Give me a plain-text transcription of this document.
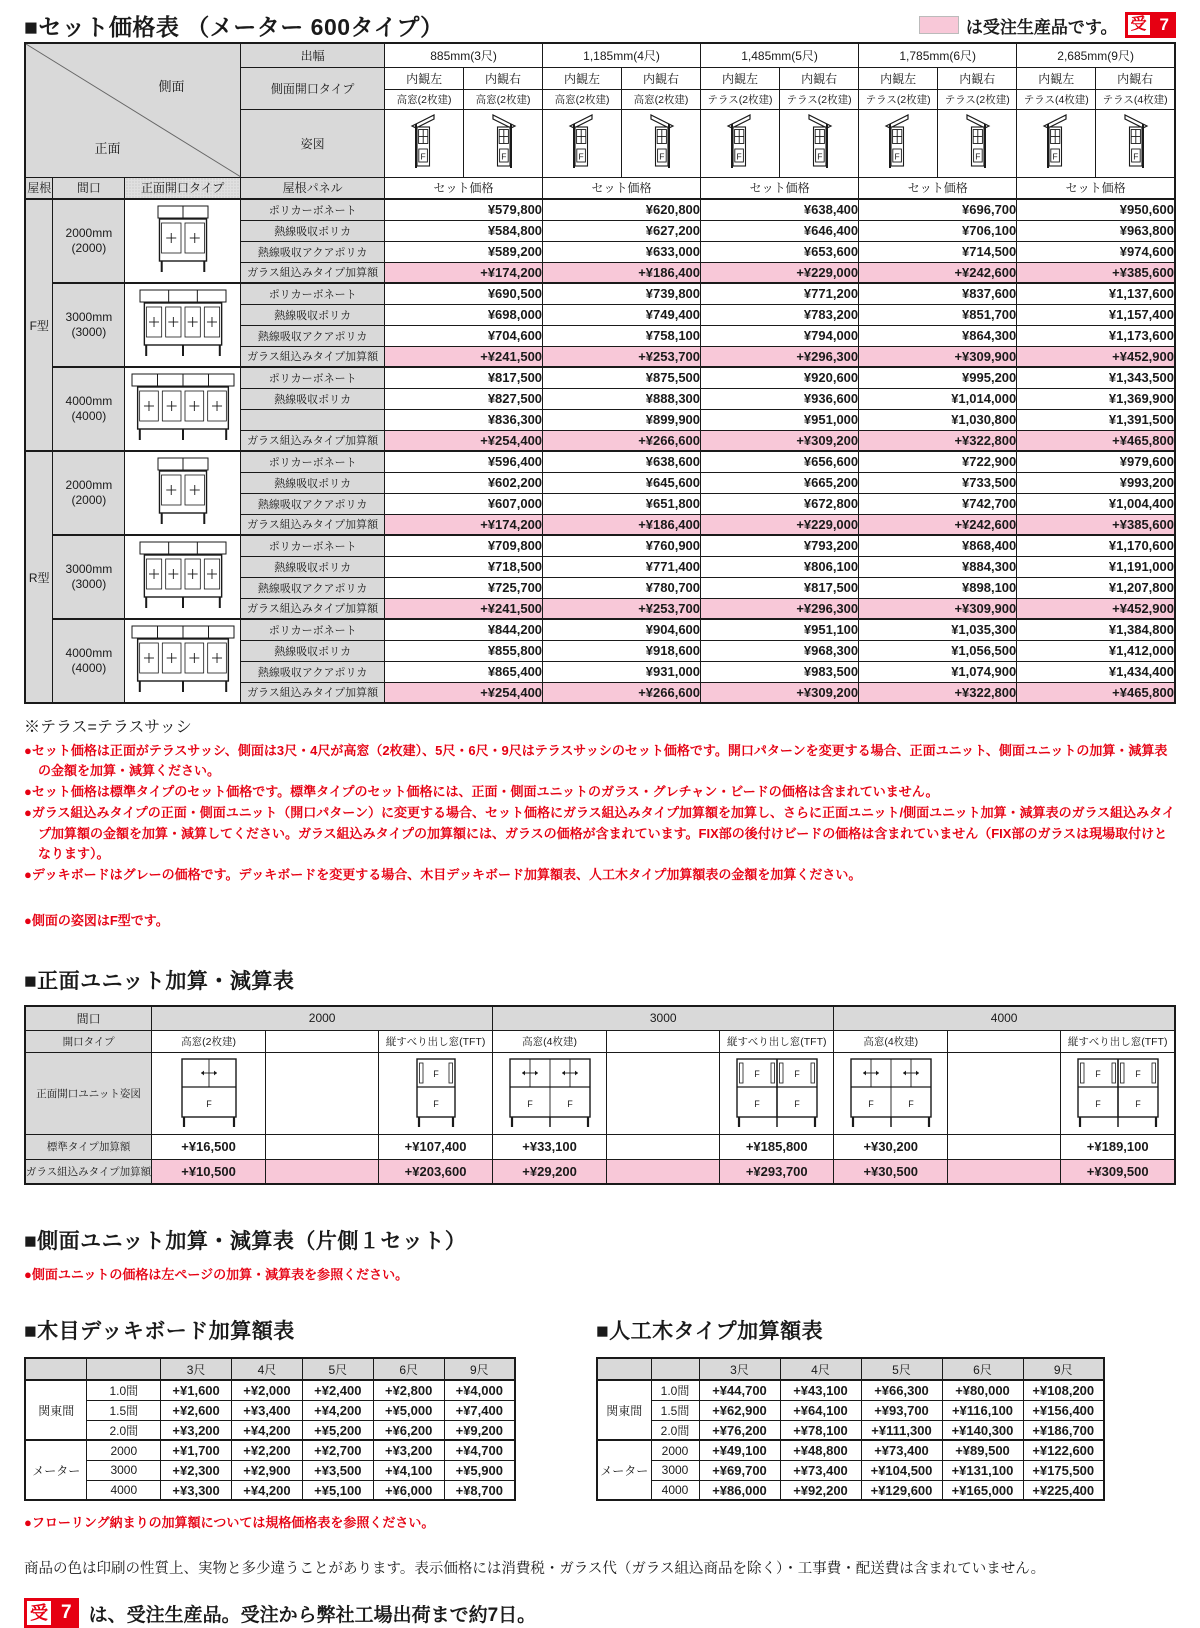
■セット価格表 （メーター 600タイプ）	は受注生産品です。 受 7
側面
正面			出幅	885mm(3尺)		1,185mm(4尺)		1,485mm(5尺)		1,785mm(6尺)		2,685mm(9尺)	
			側面開口タイプ	内観左	内観右	内観左	内観右	内観左	内観右	内観左	内観右	内観左	内観右
				高窓(2枚建)	高窓(2枚建)	高窓(2枚建)	高窓(2枚建)	テラス(2枚建)	テラス(2枚建)	テラス(2枚建)	テラス(2枚建)	テラス(4枚建)	テラス(4枚建)
			姿図	F	F	F	F	F	F	F	F	F	F

屋根	間口	正面開口タイプ	屋根パネル	セット価格		セット価格		セット価格		セット価格		セット価格	
F型	2000mm
(2000)		ポリカーボネート	¥579,800		¥620,800		¥638,400		¥696,700		¥950,600	
			熱線吸収ポリカ	¥584,800		¥627,200		¥646,400		¥706,100		¥963,800	
			熱線吸収アクアポリカ	¥589,200		¥633,000		¥653,600		¥714,500		¥974,600	
			ガラス組込みタイプ加算額	+¥174,200		+¥186,400		+¥229,000		+¥242,600		+¥385,600	
	3000mm
(3000)		ポリカーボネート	¥690,500		¥739,800		¥771,200		¥837,600		¥1,137,600	
			熱線吸収ポリカ	¥698,000		¥749,400		¥783,200		¥851,700		¥1,157,400	
			熱線吸収アクアポリカ	¥704,600		¥758,100		¥794,000		¥864,300		¥1,173,600	
			ガラス組込みタイプ加算額	+¥241,500		+¥253,700		+¥296,300		+¥309,900		+¥452,900	
	4000mm
(4000)		ポリカーボネート	¥817,500		¥875,500		¥920,600		¥995,200		¥1,343,500	
			熱線吸収ポリカ	¥827,500		¥888,300		¥936,600		¥1,014,000		¥1,369,900	
				¥836,300		¥899,900		¥951,000		¥1,030,800		¥1,391,500	
			ガラス組込みタイプ加算額	+¥254,400		+¥266,600		+¥309,200		+¥322,800		+¥465,800	
R型	2000mm
(2000)		ポリカーボネート	¥596,400		¥638,600		¥656,600		¥722,900		¥979,600	
			熱線吸収ポリカ	¥602,200		¥645,600		¥665,200		¥733,500		¥993,200	
			熱線吸収アクアポリカ	¥607,000		¥651,800		¥672,800		¥742,700		¥1,004,400	
			ガラス組込みタイプ加算額	+¥174,200		+¥186,400		+¥229,000		+¥242,600		+¥385,600	
	3000mm
(3000)		ポリカーボネート	¥709,800		¥760,900		¥793,200		¥868,400		¥1,170,600	
			熱線吸収ポリカ	¥718,500		¥771,400		¥806,100		¥884,300		¥1,191,000	
			熱線吸収アクアポリカ	¥725,700		¥780,700		¥817,500		¥898,100		¥1,207,800	
			ガラス組込みタイプ加算額	+¥241,500		+¥253,700		+¥296,300		+¥309,900		+¥452,900	
	4000mm
(4000)		ポリカーボネート	¥844,200		¥904,600		¥951,100		¥1,035,300		¥1,384,800	
			熱線吸収ポリカ	¥855,800		¥918,600		¥968,300		¥1,056,500		¥1,412,000	
			熱線吸収アクアポリカ	¥865,400		¥931,000		¥983,500		¥1,074,900		¥1,434,400	
			ガラス組込みタイプ加算額	+¥254,400		+¥266,600		+¥309,200		+¥322,800		+¥465,800	
※テラス=テラスサッシ
●セット価格は正面がテラスサッシ、側面は3尺・4尺が高窓（2枚建）、5尺・6尺・9尺はテラスサッシのセット価格です。開口パターンを変更する場合、正面ユニット、側面ユニットの加算・減算表の金額を加算・減算ください。
●セット価格は標準タイプのセット価格です。標準タイプのセット価格には、正面・側面ユニットのガラス・グレチャン・ビードの価格は含まれていません。
●ガラス組込みタイプの正面・側面ユニット（開口パターン）に変更する場合、セット価格にガラス組込みタイプ加算額を加算し、さらに正面ユニット/側面ユニット加算・減算表のガラス組込みタイプ加算額の金額を加算・減算してください。ガラス組込みタイプの加算額には、ガラスの価格が含まれています。FIX部の後付けビードの価格は含まれていません（FIX部のガラスは現場取付けとなります）。
●デッキボードはグレーの価格です。デッキボードを変更する場合、木目デッキボード加算額表、人工木タイプ加算額表の金額を加算ください。
●側面の姿図はF型です。
■正面ユニット加算・減算表
間口	2000			3000			4000		
開口タイプ	高窓(2枚建)		縦すべり出し窓(TFT)	高窓(4枚建)		縦すべり出し窓(TFT)	高窓(4枚建)		縦すべり出し窓(TFT)
正面開口ユニット姿図	F		F
F	F F		F F
F F	F F		F F
F F

標準タイプ加算額	+¥16,500		+¥107,400	+¥33,100		+¥185,800	+¥30,200		+¥189,100
ガラス組込みタイプ加算額	+¥10,500		+¥203,600	+¥29,200		+¥293,700	+¥30,500		+¥309,500
■側面ユニット加算・減算表（片側１セット）
●側面ユニットの価格は左ページの加算・減算表を参照ください。
■木目デッキボード加算額表
		3尺	4尺	5尺	6尺	9尺
関東間	1.0間	+¥1,600	+¥2,000	+¥2,400	+¥2,800	+¥4,000
	1.5間	+¥2,600	+¥3,400	+¥4,200	+¥5,000	+¥7,400
	2.0間	+¥3,200	+¥4,200	+¥5,200	+¥6,200	+¥9,200
メーター	2000	+¥1,700	+¥2,200	+¥2,700	+¥3,200	+¥4,700
	3000	+¥2,300	+¥2,900	+¥3,500	+¥4,100	+¥5,900
	4000	+¥3,300	+¥4,200	+¥5,100	+¥6,000	+¥8,700
■人工木タイプ加算額表
		3尺	4尺	5尺	6尺	9尺
関東間	1.0間	+¥44,700	+¥43,100	+¥66,300	+¥80,000	+¥108,200
	1.5間	+¥62,900	+¥64,100	+¥93,700	+¥116,100	+¥156,400
	2.0間	+¥76,200	+¥78,100	+¥111,300	+¥140,300	+¥186,700
メーター	2000	+¥49,100	+¥48,800	+¥73,400	+¥89,500	+¥122,600
	3000	+¥69,700	+¥73,400	+¥104,500	+¥131,100	+¥175,500
	4000	+¥86,000	+¥92,200	+¥129,600	+¥165,000	+¥225,400
●フローリング納まりの加算額については規格価格表を参照ください。
商品の色は印刷の性質上、実物と多少違うことがあります。表示価格には消費税・ガラス代（ガラス組込商品を除く）・工事費・配送費は含まれていません。
受 7 は、受注生産品。受注から弊社工場出荷まで約7日。
